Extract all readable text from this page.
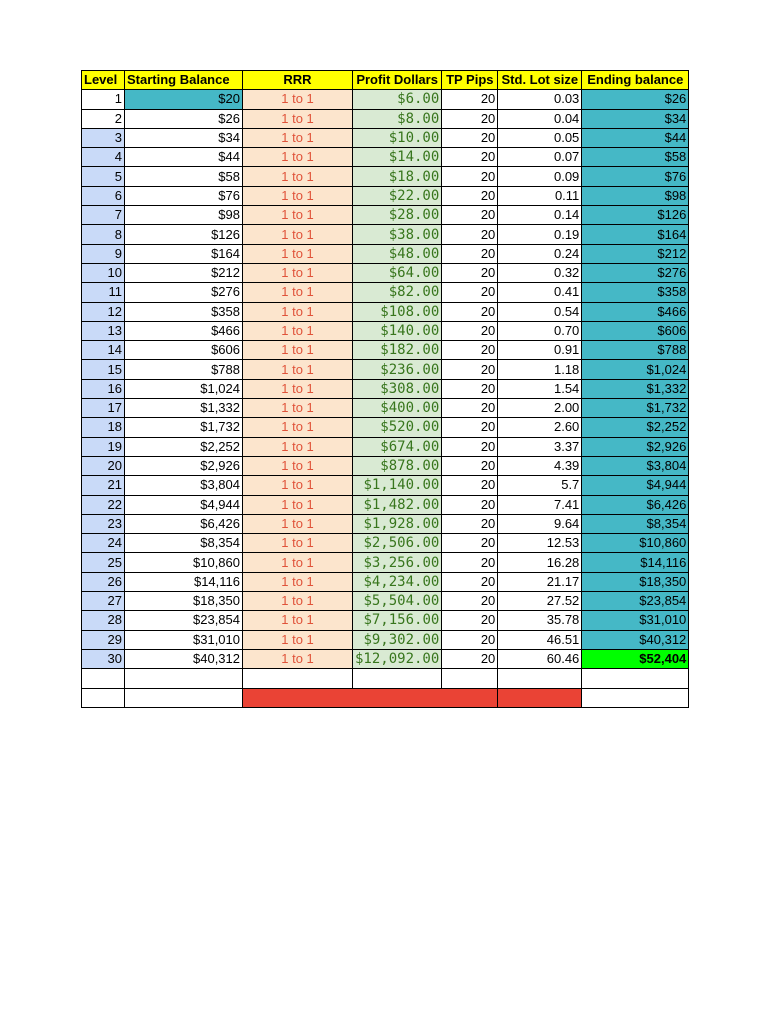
Level	Starting Balance	RRR	Profit Dollars	TP Pips	Std. Lot size	Ending balance
1	$20	1 to 1	$6.00	20	0.03	$26
2	$26	1 to 1	$8.00	20	0.04	$34
3	$34	1 to 1	$10.00	20	0.05	$44
4	$44	1 to 1	$14.00	20	0.07	$58
5	$58	1 to 1	$18.00	20	0.09	$76
6	$76	1 to 1	$22.00	20	0.11	$98
7	$98	1 to 1	$28.00	20	0.14	$126
8	$126	1 to 1	$38.00	20	0.19	$164
9	$164	1 to 1	$48.00	20	0.24	$212
10	$212	1 to 1	$64.00	20	0.32	$276
11	$276	1 to 1	$82.00	20	0.41	$358
12	$358	1 to 1	$108.00	20	0.54	$466
13	$466	1 to 1	$140.00	20	0.70	$606
14	$606	1 to 1	$182.00	20	0.91	$788
15	$788	1 to 1	$236.00	20	1.18	$1,024
16	$1,024	1 to 1	$308.00	20	1.54	$1,332
17	$1,332	1 to 1	$400.00	20	2.00	$1,732
18	$1,732	1 to 1	$520.00	20	2.60	$2,252
19	$2,252	1 to 1	$674.00	20	3.37	$2,926
20	$2,926	1 to 1	$878.00	20	4.39	$3,804
21	$3,804	1 to 1	$1,140.00	20	5.7	$4,944
22	$4,944	1 to 1	$1,482.00	20	7.41	$6,426
23	$6,426	1 to 1	$1,928.00	20	9.64	$8,354
24	$8,354	1 to 1	$2,506.00	20	12.53	$10,860
25	$10,860	1 to 1	$3,256.00	20	16.28	$14,116
26	$14,116	1 to 1	$4,234.00	20	21.17	$18,350
27	$18,350	1 to 1	$5,504.00	20	27.52	$23,854
28	$23,854	1 to 1	$7,156.00	20	35.78	$31,010
29	$31,010	1 to 1	$9,302.00	20	46.51	$40,312
30	$40,312	1 to 1	$12,092.00	20	60.46	$52,404
